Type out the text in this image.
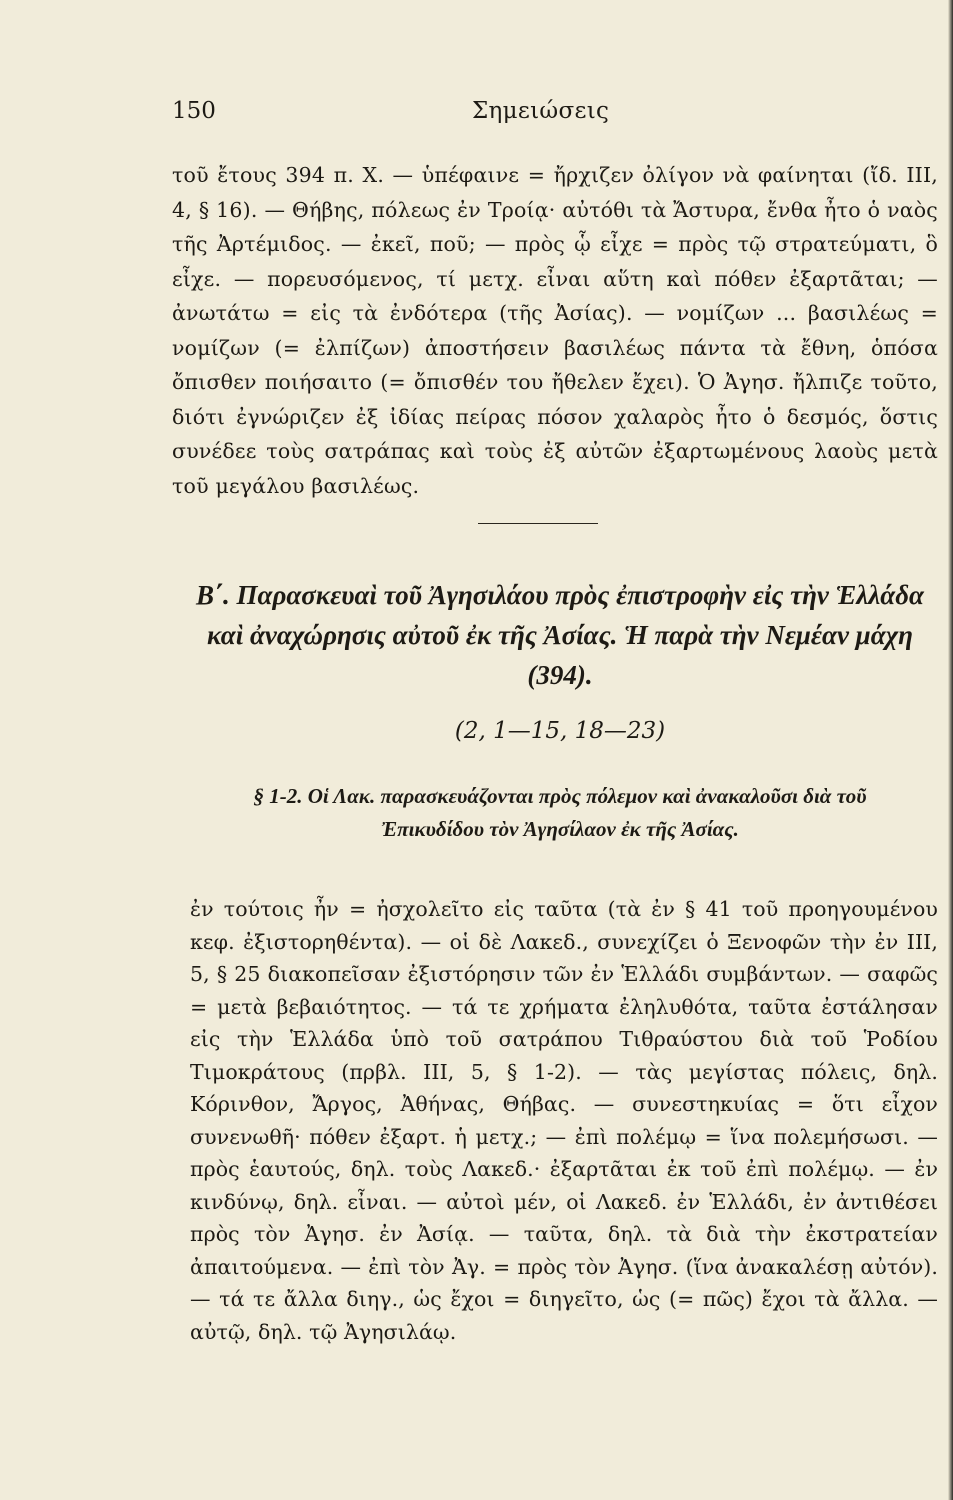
150	Σημειώσεις

τοῦ ἔτους 394 π. Χ. — ὑπέφαινε = ἤρχιζεν ὀλίγον νὰ φαίνηται (ἴδ. ΙΙΙ, 4, § 16). — Θήβης, πόλεως ἐν Τροίᾳ· αὐτόθι τὰ Ἄστυρα, ἔνθα ἦτο ὁ ναὸς τῆς Ἀρτέμιδος. — ἐκεῖ, ποῦ; — πρὸς ᾧ εἶχε = πρὸς τῷ στρατεύματι, ὃ εἶχε. — πορευσόμενος, τί μετχ. εἶναι αὕτη καὶ πόθεν ἐξαρτᾶται; — ἀνωτάτω = εἰς τὰ ἐνδότερα (τῆς Ἀσίας). — νομίζων ... βασιλέως = νομίζων (= ἐλπίζων) ἀποστήσειν βασιλέως πάντα τὰ ἔθνη, ὁπόσα ὄπισθεν ποιήσαιτο (= ὄπισθέν του ἤθελεν ἔχει). Ὁ Ἀγησ. ἤλπιζε τοῦτο, διότι ἐγνώριζεν ἐξ ἰδίας πείρας πόσον χαλαρὸς ἦτο ὁ δεσμός, ὅστις συνέδεε τοὺς σατράπας καὶ τοὺς ἐξ αὐτῶν ἐξαρτωμένους λαοὺς μετὰ τοῦ μεγάλου βασιλέως.

Β΄. Παρασκευαὶ τοῦ Ἀγησιλάου πρὸς ἐπιστροφὴν εἰς τὴν Ἑλλάδα καὶ ἀναχώρησις αὐτοῦ ἐκ τῆς Ἀσίας. Ἡ παρὰ τὴν Νεμέαν μάχη (394).
(2, 1—15, 18—23)
§ 1-2. Οἱ Λακ. παρασκευάζονται πρὸς πόλεμον καὶ ἀνακαλοῦσι διὰ τοῦ Ἐπικυδίδου τὸν Ἀγησίλαον ἐκ τῆς Ἀσίας.

ἐν τούτοις ἦν = ἠσχολεῖτο εἰς ταῦτα (τὰ ἐν § 41 τοῦ προηγουμένου κεφ. ἐξιστορηθέντα). — οἱ δὲ Λακεδ., συνεχίζει ὁ Ξενοφῶν τὴν ἐν ΙΙΙ, 5, § 25 διακοπεῖσαν ἐξιστόρησιν τῶν ἐν Ἑλλάδι συμβάντων. — σαφῶς = μετὰ βεβαιότητος. — τά τε χρήματα ἐληλυθότα, ταῦτα ἐστάλησαν εἰς τὴν Ἑλλάδα ὑπὸ τοῦ σατράπου Τιθραύστου διὰ τοῦ Ῥοδίου Τιμοκράτους (πρβλ. ΙΙΙ, 5, § 1-2). — τὰς μεγίστας πόλεις, δηλ. Κόρινθον, Ἄργος, Ἀθήνας, Θήβας. — συνεστηκυίας = ὅτι εἶχον συνενωθῆ· πόθεν ἐξαρτ. ἡ μετχ.; — ἐπὶ πολέμῳ = ἵνα πολεμήσωσι. — πρὸς ἑαυτούς, δηλ. τοὺς Λακεδ.· ἐξαρτᾶται ἐκ τοῦ ἐπὶ πολέμῳ. — ἐν κινδύνῳ, δηλ. εἶναι. — αὐτοὶ μέν, οἱ Λακεδ. ἐν Ἑλλάδι, ἐν ἀντιθέσει πρὸς τὸν Ἀγησ. ἐν Ἀσίᾳ. — ταῦτα, δηλ. τὰ διὰ τὴν ἐκστρατείαν ἀπαιτούμενα. — ἐπὶ τὸν Ἀγ. = πρὸς τὸν Ἀγησ. (ἵνα ἀνακαλέσῃ αὐτόν). — τά τε ἄλλα διηγ., ὡς ἔχοι = διηγεῖτο, ὡς (= πῶς) ἔχοι τὰ ἄλλα. — αὐτῷ, δηλ. τῷ Ἀγησιλάῳ.
